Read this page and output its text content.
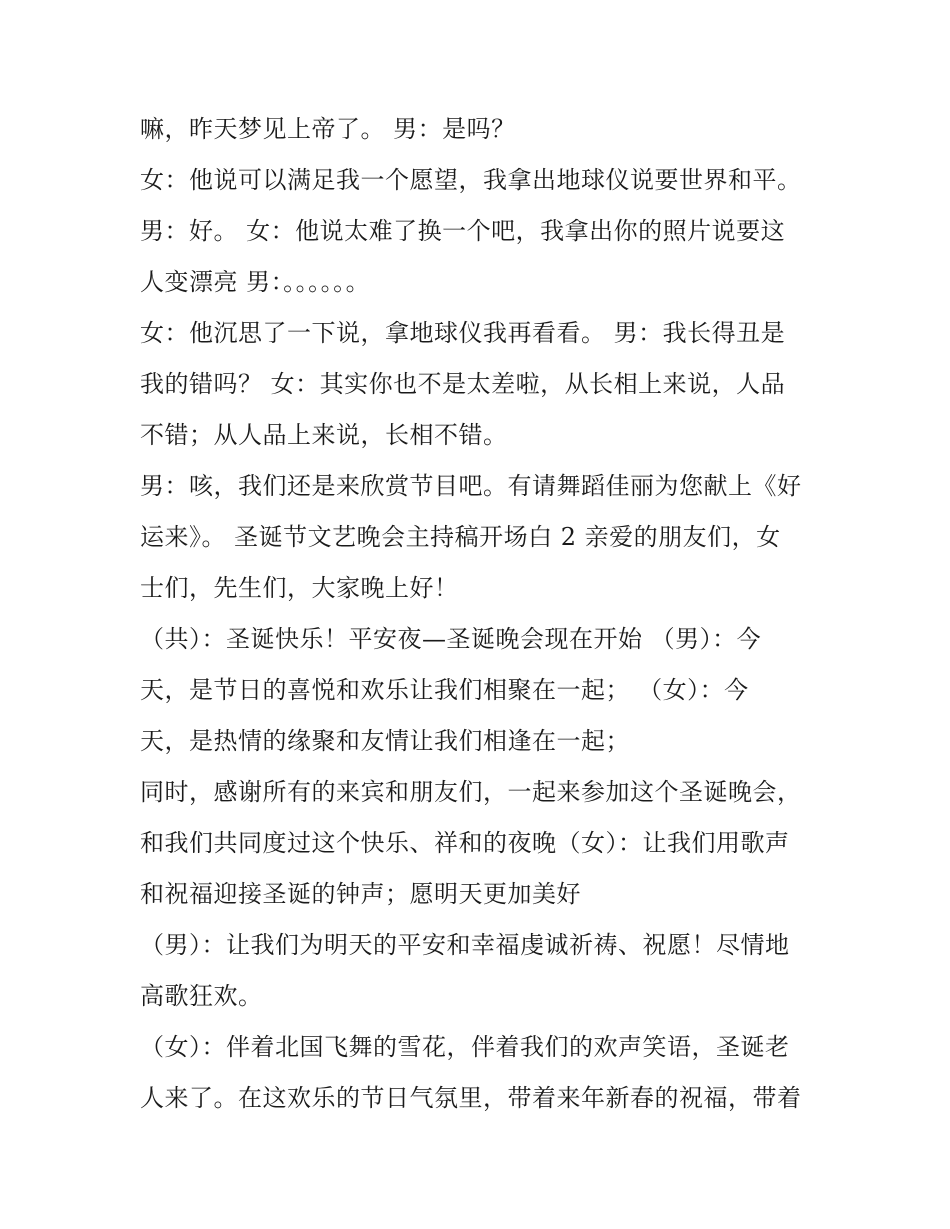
嘛，昨天梦见上帝了。 男：是吗？
女：他说可以满足我一个愿望，我拿出地球仪说要世界和平。
男：好。 女：他说太难了换一个吧，我拿出你的照片说要这
人变漂亮 男：。。。。。。
女：他沉思了一下说，拿地球仪我再看看。 男：我长得丑是
我的错吗？ 女：其实你也不是太差啦，从长相上来说，人品
不错；从人品上来说，长相不错。
男：咳，我们还是来欣赏节目吧。有请舞蹈佳丽为您献上《好
运来》。 圣诞节文艺晚会主持稿开场白 2 亲爱的朋友们，女
士们，先生们，大家晚上好！
（共）：圣诞快乐！平安夜—圣诞晚会现在开始 （男）：今
天，是节日的喜悦和欢乐让我们相聚在一起； （女）：今
天，是热情的缘聚和友情让我们相逢在一起；
同时，感谢所有的来宾和朋友们，一起来参加这个圣诞晚会，
和我们共同度过这个快乐、祥和的夜晚（女）：让我们用歌声
和祝福迎接圣诞的钟声；愿明天更加美好
（男）：让我们为明天的平安和幸福虔诚祈祷、祝愿！尽情地
高歌狂欢。
（女）：伴着北国飞舞的雪花，伴着我们的欢声笑语，圣诞老
人来了。在这欢乐的节日气氛里，带着来年新春的祝福，带着
